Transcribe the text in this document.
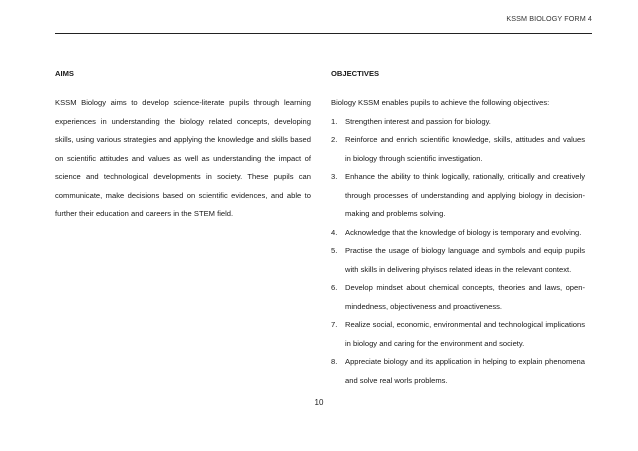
KSSM BIOLOGY FORM 4
AIMS

KSSM Biology aims to develop science-literate pupils through learning experiences in understanding the biology related concepts, developing skills, using various strategies and applying the knowledge and skills based on scientific attitudes and values as well as understanding the impact of science and technological developments in society. These pupils can communicate, make decisions based on scientific evidences, and able to further their education and careers in the STEM field.

OBJECTIVES

Biology KSSM enables pupils to achieve the following objectives:

1.	Strengthen interest and passion for biology.
2.	Reinforce and enrich scientific knowledge, skills, attitudes and values in biology through scientific investigation.
3.	Enhance the ability to think logically, rationally, critically and creatively through processes of understanding and applying biology in decision-making and problems solving.
4.	Acknowledge that the knowledge of biology is temporary and evolving.
5.	Practise the usage of biology language and symbols and equip pupils with skills in delivering phyiscs related ideas in the relevant context.
6.	Develop mindset about chemical concepts, theories and laws, open-mindedness, objectiveness and proactiveness.
7.	Realize social, economic, environmental and technological implications in biology and caring for the environment and society.
8.	Appreciate biology and its application in helping to explain phenomena and solve real worls problems.
10
